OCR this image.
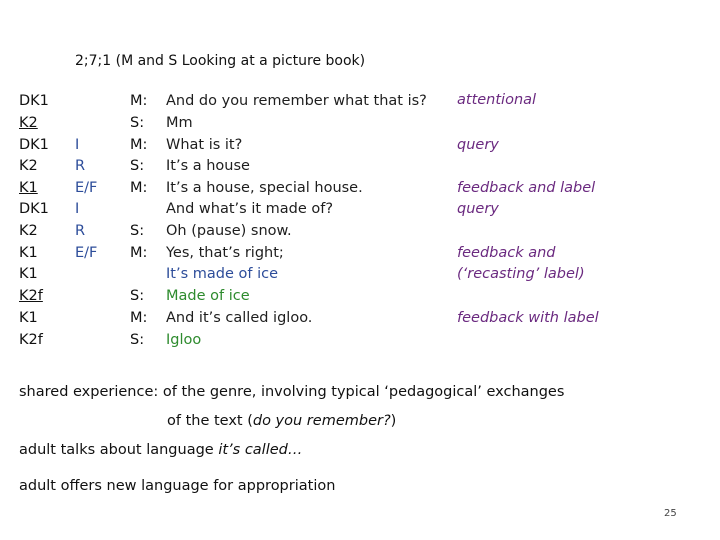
2;7;1 (M and S Looking at a picture book)
DK1
K2
DK1
K2
K1
DK1
K2
K1
K1
K2f
K1
K2f
I
R
E/F
I
R
E/F
M:
S:
M:
S:
M:
S:
M:
S:
M:
S:
And do you remember what that is?
Mm
What is it?
It’s a house
It’s a house, special house.
And what’s it made of?
Oh (pause) snow.
Yes, that’s right;
It’s made of ice
Made of ice
And it’s called igloo.
Igloo
attentional
query
feedback and label
query
feedback and
(‘recasting’ label)
feedback with label
shared experience: of the genre, involving typical ‘pedagogical’ exchanges
of the text (do you remember?)
adult talks about language it’s called…
adult offers new language for appropriation
25
